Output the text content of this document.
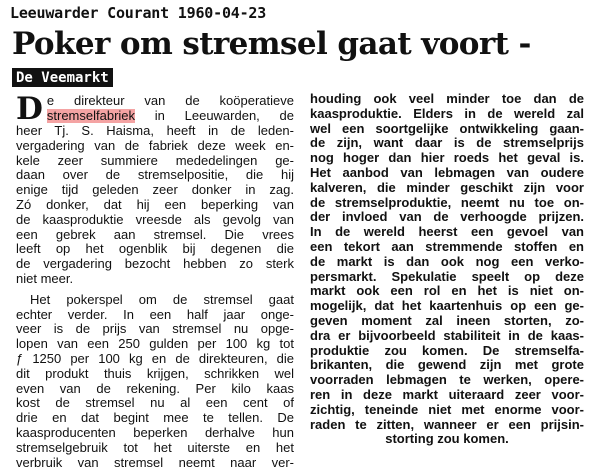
Leeuwarder Courant 1960-04-23
Poker om stremsel gaat voort -
De Veemarkt
D e direkteur van de koöperatieve
stremselfabriek in Leeuwarden, de
heer Tj. S. Haisma, heeft in de leden-
vergadering van de fabriek deze week en-
kele zeer summiere mededelingen ge-
daan over de stremselpositie, die hij
enige tijd geleden zeer donker in zag.
Zó donker, dat hij een beperking van
de kaasproduktie vreesde als gevolg van
een gebrek aan stremsel. Die vrees
leeft op het ogenblik bij degenen die
de vergadering bezocht hebben zo sterk
niet meer.
Het pokerspel om de stremsel gaat
echter verder. In een half jaar onge-
veer is de prijs van stremsel nu opge-
lopen van een 250 gulden per 100 kg tot
ƒ 1250 per 100 kg en de direkteuren, die
dit produkt thuis krijgen, schrikken wel
even van de rekening. Per kilo kaas
kost de stremsel nu al een cent of
drie en dat begint mee te tellen. De
kaasproducenten beperken derhalve hun
stremselgebruik tot het uiterste en het
verbruik van stremsel neemt naar ver-
houding ook veel minder toe dan de
kaasproduktie. Elders in de wereld zal
wel een soortgelijke ontwikkeling gaan-
de zijn, want daar is de stremselprijs
nog hoger dan hier roeds het geval is.
Het aanbod van lebmagen van oudere
kalveren, die minder geschikt zijn voor
de stremselproduktie, neemt nu toe on-
der invloed van de verhoogde prijzen.
In de wereld heerst een gevoel van
een tekort aan stremmende stoffen en
de markt is dan ook nog een verko-
persmarkt. Spekulatie speelt op deze
markt ook een rol en het is niet on-
mogelijk, dat het kaartenhuis op een ge-
geven moment zal ineen storten, zo-
dra er bijvoorbeeld stabiliteit in de kaas-
produktie zou komen. De stremselfa-
brikanten, die gewend zijn met grote
voorraden lebmagen te werken, opere-
ren in deze markt uiteraard zeer voor-
zichtig, teneinde niet met enorme voor-
raden te zitten, wanneer er een prijsin-
storting zou komen.
